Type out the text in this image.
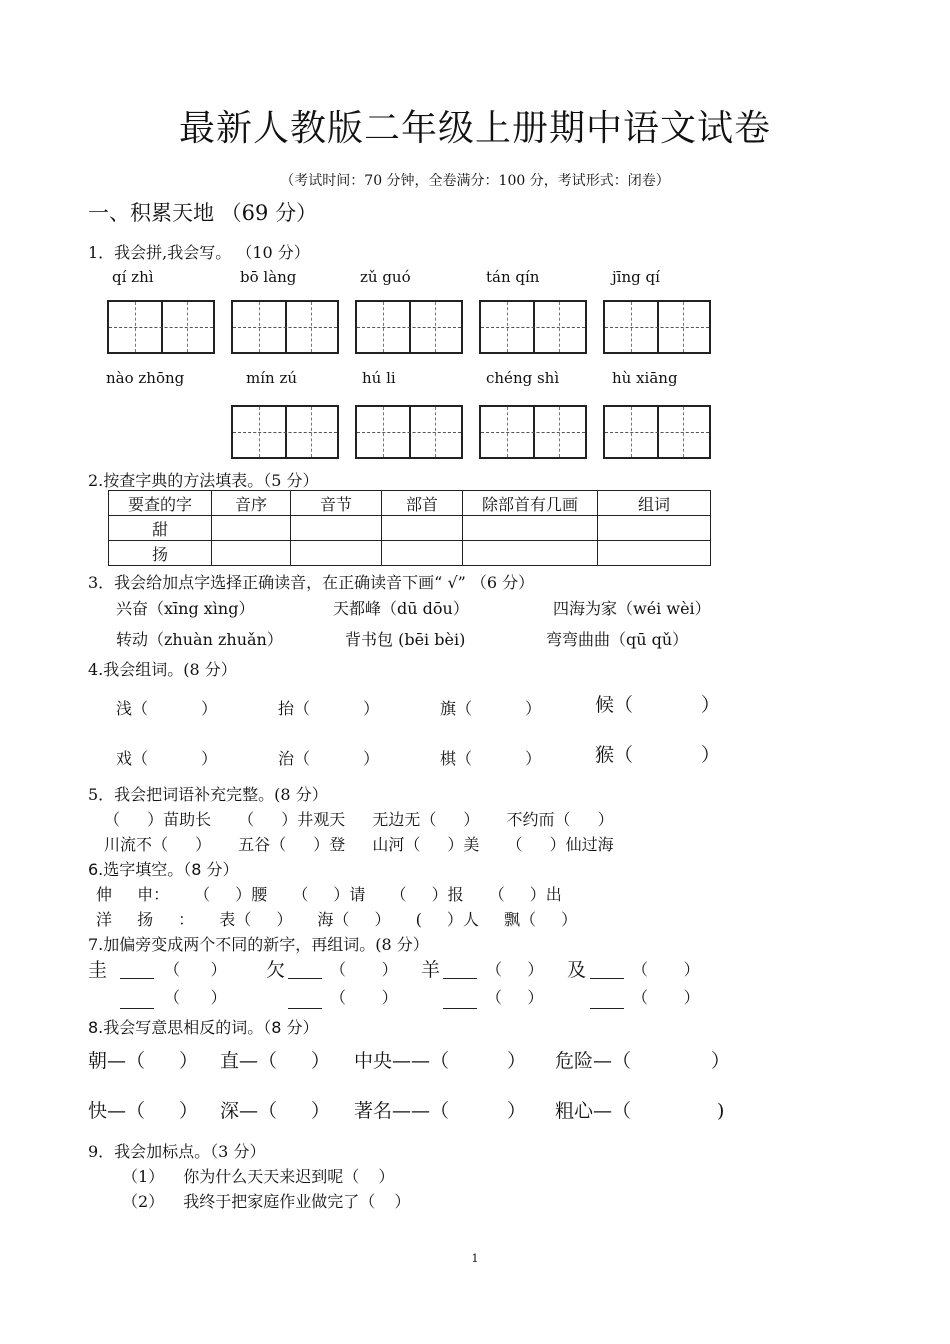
最新人教版二年级上册期中语文试卷
（考试时间：70 分钟，全卷满分：100 分，考试形式：闭卷）
一、积累天地 （69 分）
1．我会拼,我会写。 （10 分）
qí zhì	bō làng	zǔ guó	tán qín	jīng qí
nào zhōng	mín zú	hú li	chéng shì	hù xiāng
2.按查字典的方法填表。（5 分）
要查的字	音序	音节	部首	除部首有几画	组词
甜					
扬					
3．我会给加点字选择正确读音，在正确读音下画“ √” （6 分）
兴奋（xīng xìng）	天都峰（dū dōu）	四海为家（wéi wèi）
转动（zhuàn zhuǎn）	背书包 (bēi bèi)	弯弯曲曲（qū qǔ）
4.我会组词。(8 分）
浅（ ）	抬（ ）	旗（ ）	候（ ）
戏（ ）	治（ ）	棋（ ）	猴（ ）
5．我会把词语补充完整。(8 分）
（ ）苗助长 （ ）井观天 无边无（ ） 不约而（ ）
川流不（ ） 五谷（ ）登 山河（ ）美 （ ）仙过海
6.选字填空。（8 分）
伸 申： （ ）腰 （ ）请 （ ）报 （ ）出
洋 扬 ： 表（ ） 海（ ） ( ）人 飘（ ）
7.加偏旁变成两个不同的新字，再组词。(8 分）
圭	（      ） 欠	（       ） 羊	（     ） 及	（       ）
（      ）	（       ）	（     ）	（       ）
8.我会写意思相反的词。（8 分）
朝—（ ） 直—（ ） 中央——（ ） 危险—（ ）
快—（ ） 深—（ ） 著名——（ ） 粗心—（ )
9．我会加标点。（3 分）
（1） 你为什么天天来迟到呢（ ）
（2） 我终于把家庭作业做完了（ ）
1
